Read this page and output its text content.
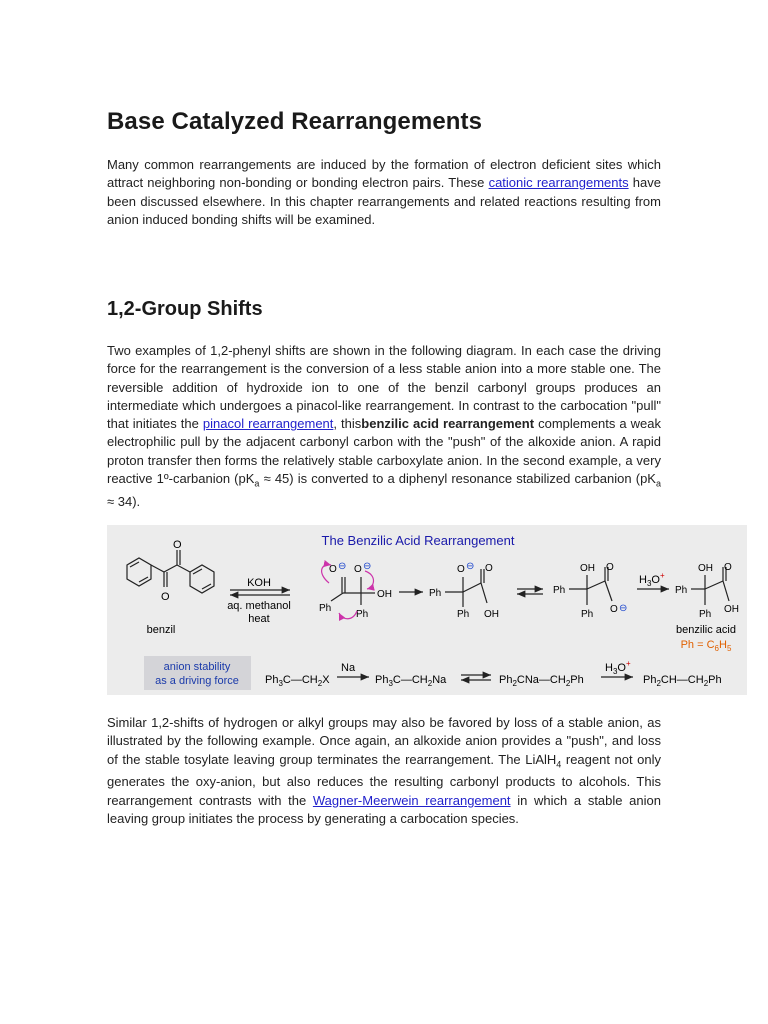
Base Catalyzed Rearrangements

Many common rearrangements are induced by the formation of electron deficient sites which attract neighboring non-bonding or bonding electron pairs. These cationic rearrangements have been discussed elsewhere. In this chapter rearrangements and related reactions resulting from anion induced bonding shifts will be examined.

1,2-Group Shifts

Two examples of 1,2-phenyl shifts are shown in the following diagram. In each case the driving force for the rearrangement is the conversion of a less stable anion into a more stable one. The reversible addition of hydroxide ion to one of the benzil carbonyl groups produces an intermediate which undergoes a pinacol-like rearrangement. In contrast to the carbocation "pull" that initiates the pinacol rearrangement, thisbenzilic acid rearrangement complements a weak electrophilic pull by the adjacent carbonyl carbon with the "push" of the alkoxide anion. A rapid proton transfer then forms the relatively stable carboxylate anion. In the second example, a very reactive 1º-carbanion $(pK_a \approx 45)$ is converted to a diphenyl resonance stabilized carbanion $(pK_a \approx 34)$.

The Benzilic Acid Rearrangement
O
O
benzil
KOH
aq. methanol
heat
O ⊖ O ⊖
OH
Ph
Ph
Ph
O ⊖
Ph
O
OH
Ph
OH
Ph
O
O ⊖
$H_3O^+$
Ph
OH
Ph
O
OH
benzilic acid
$Ph = C_6H_5$
anion stability
as a driving force $Ph_3C—CH_2X$
Na
$Ph_3C—CH_2Na$	$Ph_2CNa—CH_2Ph$
$H_3O^+$
$Ph_2CH—CH_2Ph$

Similar 1,2-shifts of hydrogen or alkyl groups may also be favored by loss of a stable anion, as illustrated by the following example. Once again, an alkoxide anion provides a "push", and loss of the stable tosylate leaving group terminates the rearrangement. The LiAlH$_4$ reagent not only generates the oxy-anion, but also reduces the resulting carbonyl products to alcohols. This rearrangement contrasts with the Wagner-Meerwein rearrangement in which a stable anion leaving group initiates the process by generating a carbocation species.
